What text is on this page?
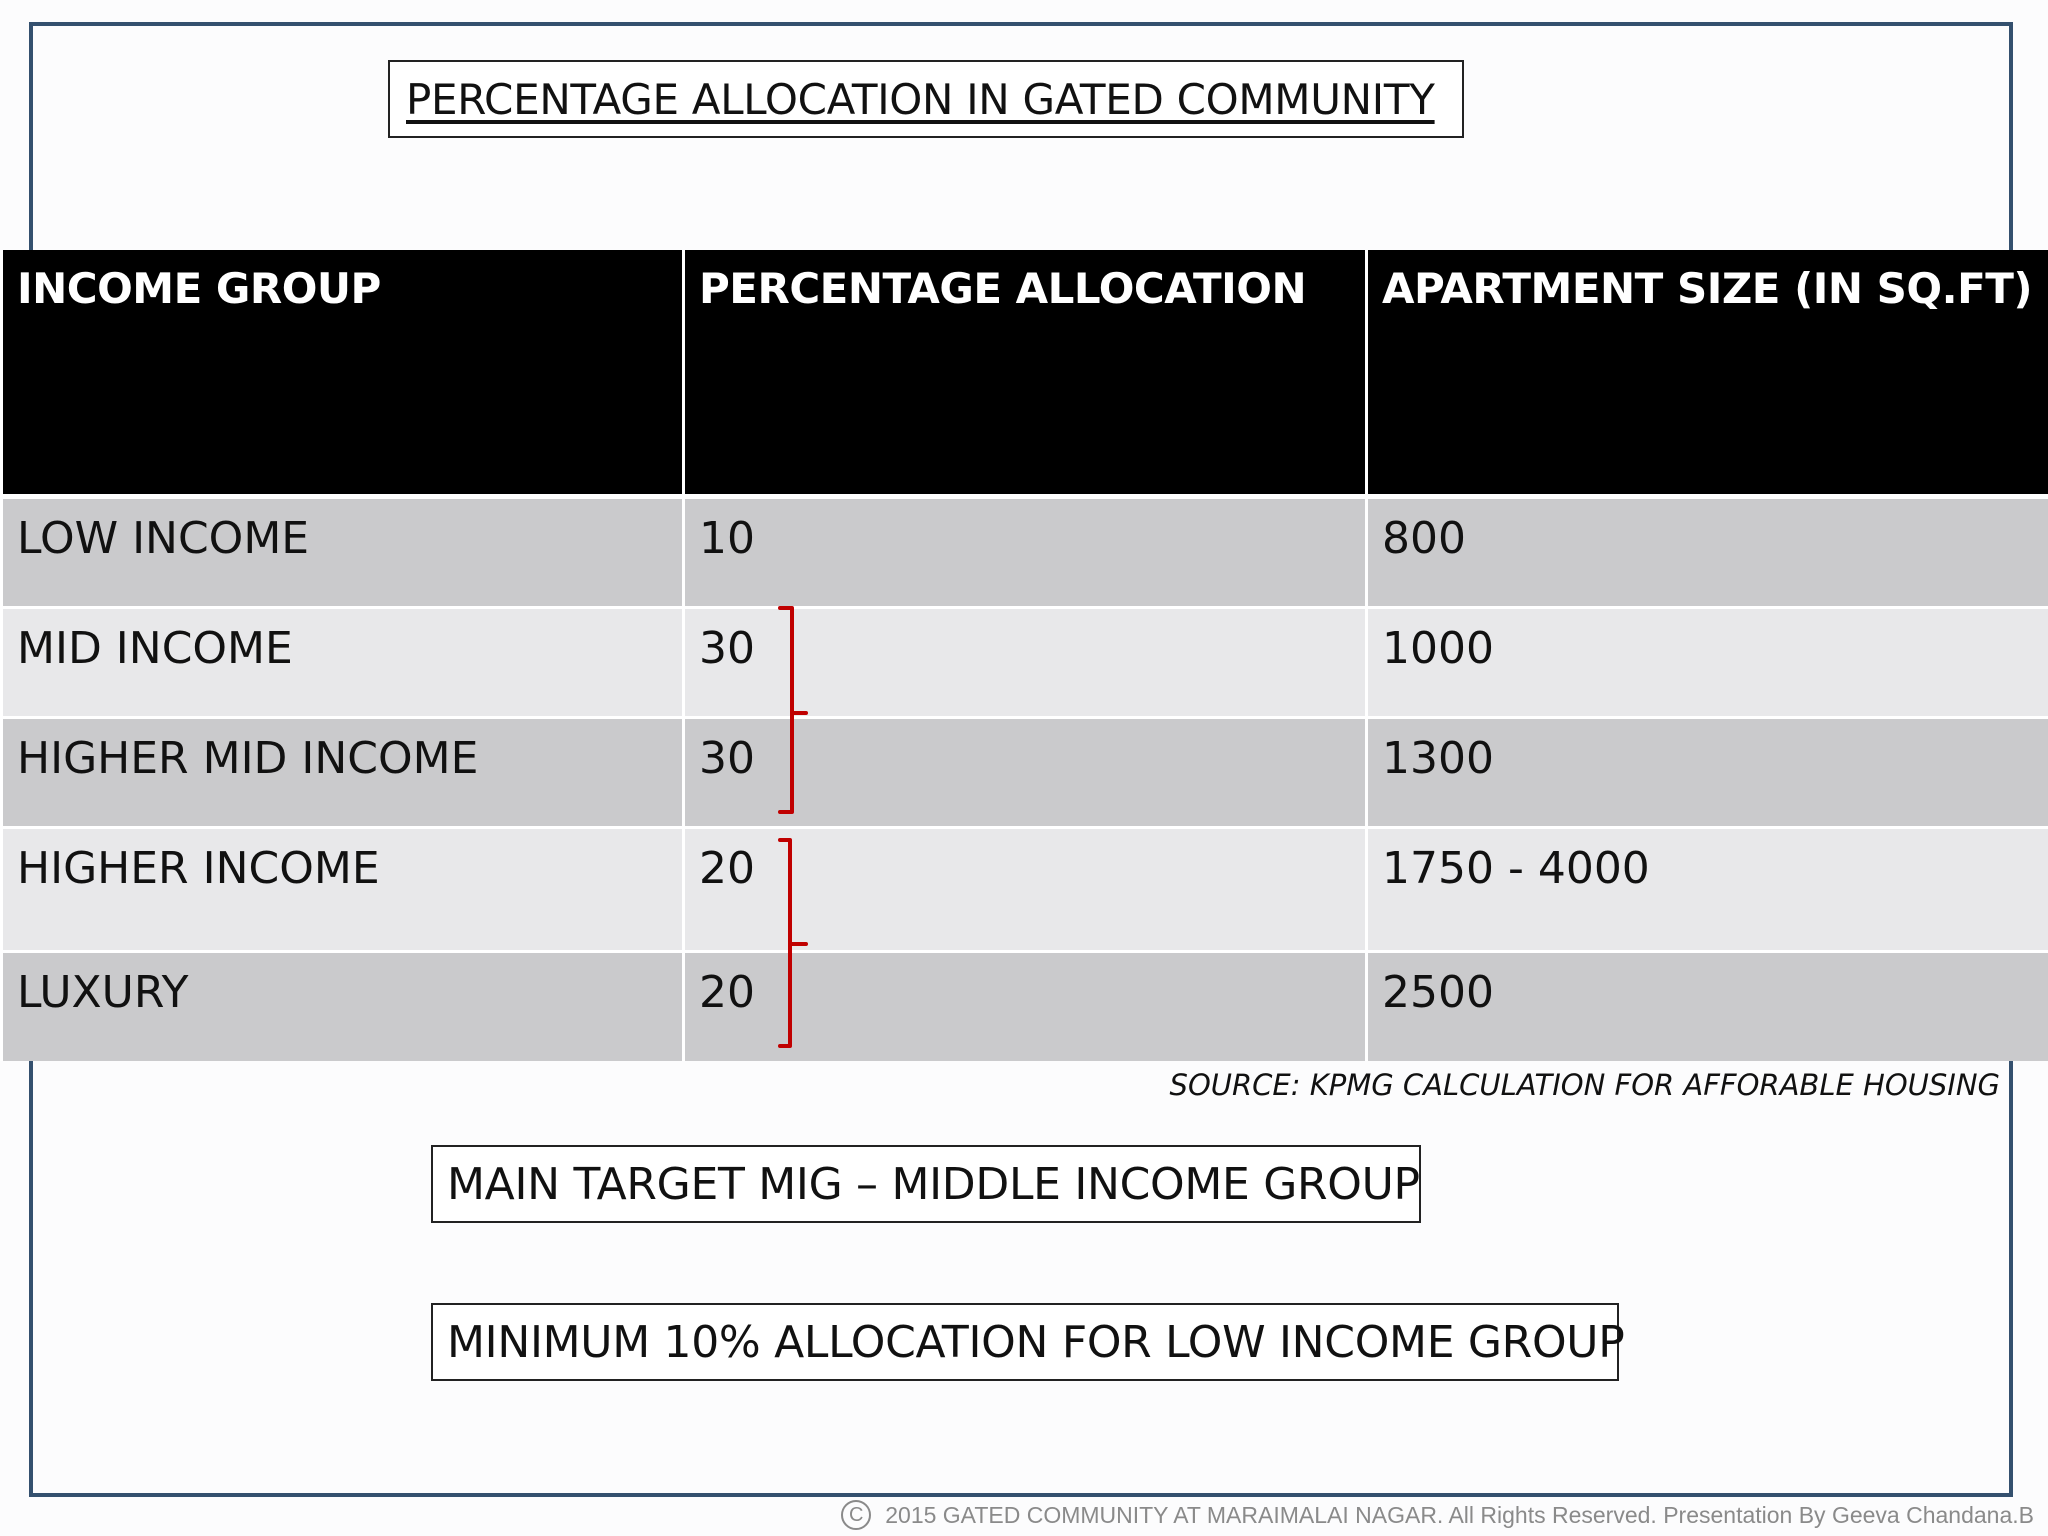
PERCENTAGE ALLOCATION IN GATED COMMUNITY
INCOME GROUP	PERCENTAGE ALLOCATION	APARTMENT SIZE (IN SQ.FT)
LOW INCOME	10	800
MID INCOME	30	1000
HIGHER MID INCOME	30	1300
HIGHER INCOME	20	1750 - 4000
LUXURY	20	2500
SOURCE: KPMG CALCULATION FOR AFFORABLE HOUSING
MAIN TARGET MIG – MIDDLE INCOME GROUP
MINIMUM 10% ALLOCATION FOR LOW INCOME GROUP
C 2015 GATED COMMUNITY AT MARAIMALAI NAGAR. All Rights Reserved. Presentation By Geeva Chandana.B
